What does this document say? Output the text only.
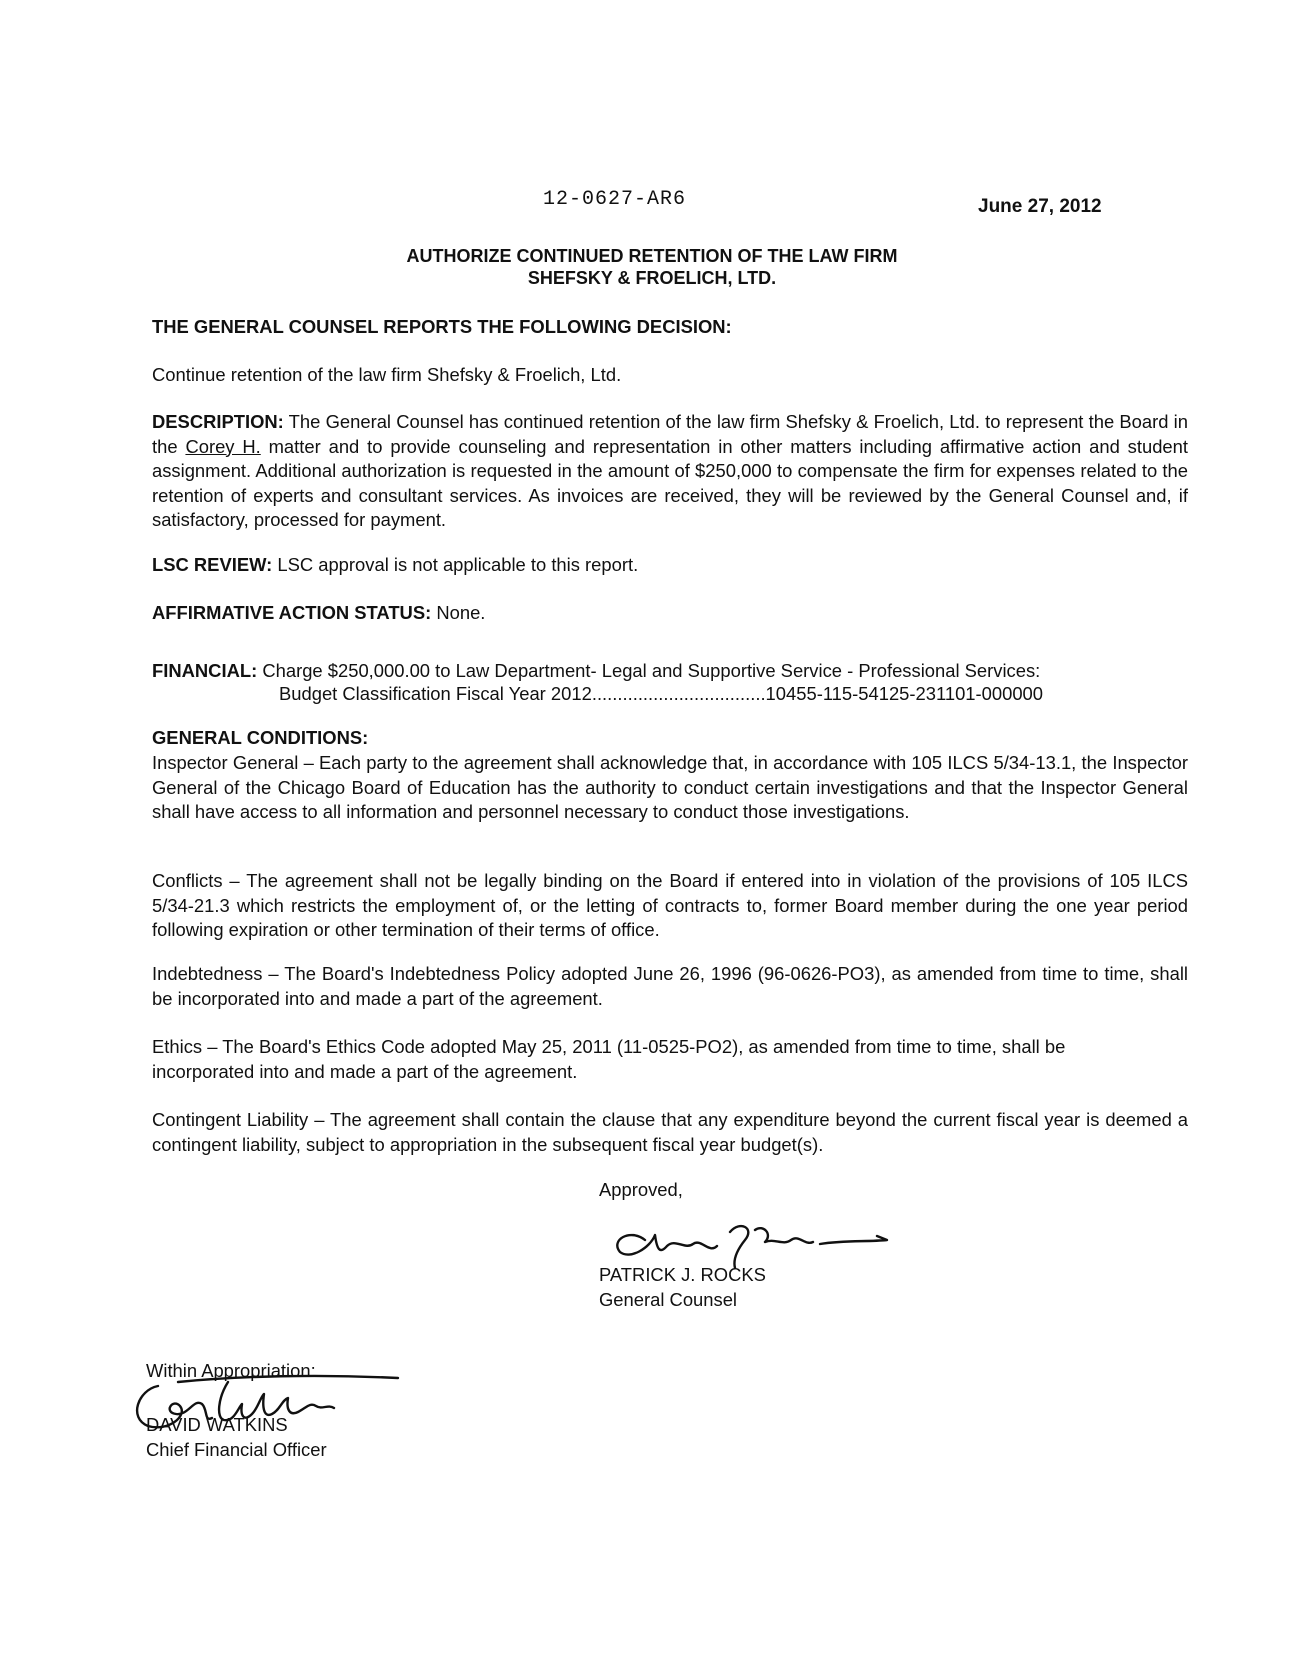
12-0627-AR6	June 27, 2012
AUTHORIZE CONTINUED RETENTION OF THE LAW FIRM
SHEFSKY & FROELICH, LTD.
THE GENERAL COUNSEL REPORTS THE FOLLOWING DECISION:
Continue retention of the law firm Shefsky & Froelich, Ltd.
DESCRIPTION: The General Counsel has continued retention of the law firm Shefsky & Froelich, Ltd. to represent the Board in the Corey H. matter and to provide counseling and representation in other matters including affirmative action and student assignment. Additional authorization is requested in the amount of $250,000 to compensate the firm for expenses related to the retention of experts and consultant services. As invoices are received, they will be reviewed by the General Counsel and, if satisfactory, processed for payment.
LSC REVIEW: LSC approval is not applicable to this report.
AFFIRMATIVE ACTION STATUS: None.
FINANCIAL: Charge $250,000.00 to Law Department- Legal and Supportive Service - Professional Services:
Budget Classification Fiscal Year 2012..................................10455-115-54125-231101-000000
GENERAL CONDITIONS:
Inspector General – Each party to the agreement shall acknowledge that, in accordance with 105 ILCS 5/34-13.1, the Inspector General of the Chicago Board of Education has the authority to conduct certain investigations and that the Inspector General shall have access to all information and personnel necessary to conduct those investigations.
Conflicts – The agreement shall not be legally binding on the Board if entered into in violation of the provisions of 105 ILCS 5/34-21.3 which restricts the employment of, or the letting of contracts to, former Board member during the one year period following expiration or other termination of their terms of office.
Indebtedness – The Board's Indebtedness Policy adopted June 26, 1996 (96-0626-PO3), as amended from time to time, shall be incorporated into and made a part of the agreement.
Ethics – The Board's Ethics Code adopted May 25, 2011 (11-0525-PO2), as amended from time to time, shall be incorporated into and made a part of the agreement.
Contingent Liability – The agreement shall contain the clause that any expenditure beyond the current fiscal year is deemed a contingent liability, subject to appropriation in the subsequent fiscal year budget(s).
Approved,
PATRICK J. ROCKS
General Counsel
Within Appropriation:
DAVID WATKINS
Chief Financial Officer
